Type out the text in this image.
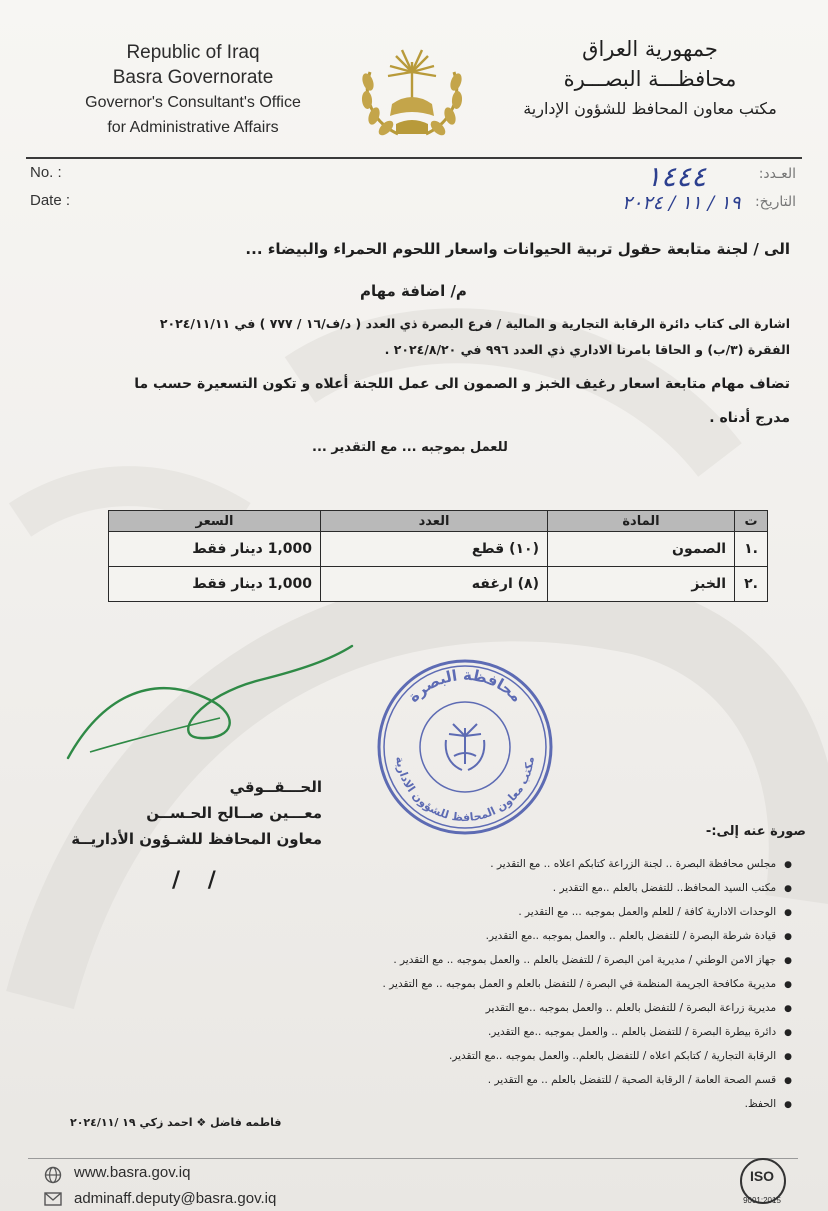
Republic of Iraq
Basra Governorate
Governor's Consultant's Office
for Administrative Affairs
جمهورية العراق
محافظـــة البصـــرة
مكتب معاون المحافظ للشؤون الإدارية
No. :
Date :
العـدد:
التاريخ:
١٤٤٤
١٩ / ١١ / ٢٠٢٤
الى / لجنة متابعة حقول تربية الحيوانات واسعار اللحوم الحمراء والبيضاء ...
م/ اضافة مهام
اشارة الى كتاب دائرة الرقابة التجارية و المالية / فرع البصرة ذي العدد ( د/ف/١٦ / ٧٧٧ ) في ٢٠٢٤/١١/١١
الفقرة (٣/ب) و الحاقا بامرنا الاداري ذي العدد ٩٩٦ في ٢٠٢٤/٨/٢٠ .
تضاف مهام متابعة اسعار رغيف الخبز و الصمون الى عمل اللجنة أعلاه و تكون التسعيرة حسب ما
مدرج أدناه .
للعمل بموجبه ... مع التقدير ...
ت	المادة	العدد	السعر
.١	الصمون	(١٠) قطع	1,000 دينار فقط
.٢	الخبز	(٨) ارغفه	1,000 دينار فقط
الحـــقــوقي
معـــين صــالح الحـســن
معاون المحافظ للشـؤون الأداريــة
/ /
محافظة البصرة
مكتب معاون المحافظ للشؤون الادارية
صورة عنه إلى:-
●مجلس محافظة البصرة .. لجنة الزراعة كتابكم اعلاه .. مع التقدير .
●مكتب السيد المحافظ.. للتفضل بالعلم ..مع التقدير .
●الوحدات الادارية كافة / للعلم والعمل بموجبه ... مع التقدير .
●قيادة شرطة البصرة / للتفضل بالعلم .. والعمل بموجبه ..مع التقدير.
●جهاز الامن الوطني / مديرية امن البصرة / للتفضل بالعلم .. والعمل بموجبه .. مع التقدير .
●مديرية مكافحة الجريمة المنظمة في البصرة / للتفضل بالعلم و العمل بموجبه .. مع التقدير .
●مديرية زراعة البصرة / للتفضل بالعلم .. والعمل بموجبه ..مع التقدير
●دائرة بيطرة البصرة / للتفضل بالعلم .. والعمل بموجبه ..مع التقدير.
●الرقابة التجارية / كتابكم اعلاه / للتفضل بالعلم.. والعمل بموجبه ..مع التقدير.
●قسم الصحة العامة / الرقابة الصحية / للتفضل بالعلم .. مع التقدير .
●الحفظ.
فاطمه فاضل ❖ احمد زكي ١٩ /٢٠٢٤/١١
www.basra.gov.iq
adminaff.deputy@basra.gov.iq
ISO
9001:2015
